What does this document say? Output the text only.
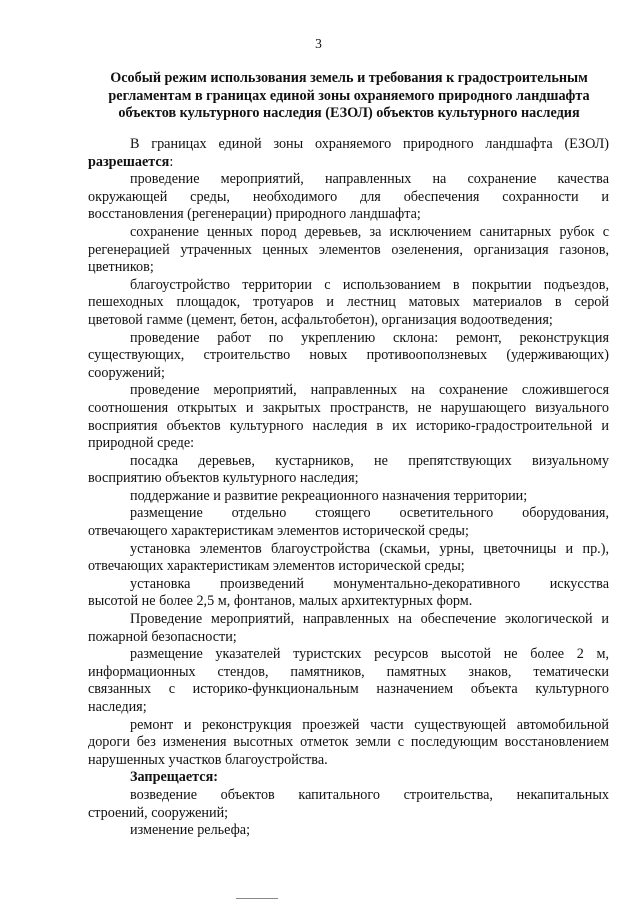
3
Особый режим использования земель и требования к градостроительным
регламентам в границах единой зоны охраняемого природного ландшафта
объектов культурного наследия (ЕЗОЛ) объектов культурного наследия
В границах единой зоны охраняемого природного ландшафта (ЕЗОЛ)
разрешается:
проведение мероприятий, направленных на сохранение качества
окружающей среды, необходимого для обеспечения сохранности и
восстановления (регенерации) природного ландшафта;
сохранение ценных пород деревьев, за исключением санитарных рубок с
регенерацией утраченных ценных элементов озеленения, организация газонов,
цветников;
благоустройство территории с использованием в покрытии подъездов,
пешеходных площадок, тротуаров и лестниц матовых материалов в серой
цветовой гамме (цемент, бетон, асфальтобетон), организация водоотведения;
проведение работ по укреплению склона: ремонт, реконструкция
существующих, строительство новых противооползневых (удерживающих)
сооружений;
проведение мероприятий, направленных на сохранение сложившегося
соотношения открытых и закрытых пространств, не нарушающего визуального
восприятия объектов культурного наследия в их историко-градостроительной и
природной среде:
посадка деревьев, кустарников, не препятствующих визуальному
восприятию объектов культурного наследия;
поддержание и развитие рекреационного назначения территории;
размещение отдельно стоящего осветительного оборудования,
отвечающего характеристикам элементов исторической среды;
установка элементов благоустройства (скамьи, урны, цветочницы и пр.),
отвечающих характеристикам элементов исторической среды;
установка произведений монументально-декоративного искусства
высотой не более 2,5 м, фонтанов, малых архитектурных форм.
Проведение мероприятий, направленных на обеспечение экологической и
пожарной безопасности;
размещение указателей туристских ресурсов высотой не более 2 м,
информационных стендов, памятников, памятных знаков, тематически
связанных с историко-функциональным назначением объекта культурного
наследия;
ремонт и реконструкция проезжей части существующей автомобильной
дороги без изменения высотных отметок земли с последующим восстановлением
нарушенных участков благоустройства.
Запрещается:
возведение объектов капитального строительства, некапитальных
строений, сооружений;
изменение рельефа;
